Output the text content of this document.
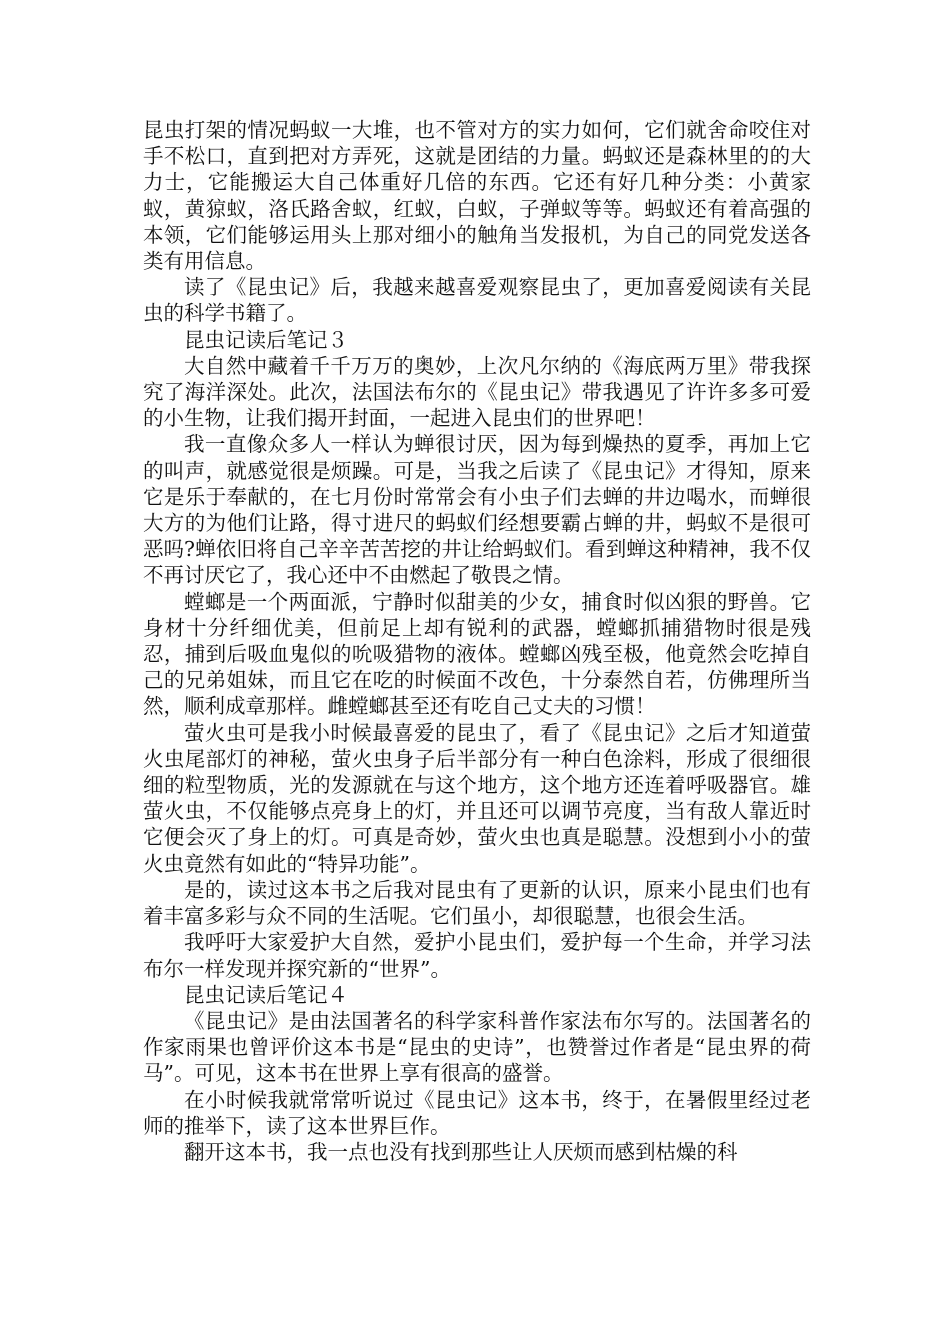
昆虫打架的情况蚂蚁一大堆，也不管对方的实力如何，它们就舍命咬住对手不松口，直到把对方弄死，这就是团结的力量。蚂蚁还是森林里的的大力士，它能搬运大自己体重好几倍的东西。它还有好几种分类：小黄家蚁，黄猄蚁，洛氏路舍蚁，红蚁，白蚁，子弹蚁等等。蚂蚁还有着高强的本领，它们能够运用头上那对细小的触角当发报机，为自己的同党发送各类有用信息。

读了《昆虫记》后，我越来越喜爱观察昆虫了，更加喜爱阅读有关昆虫的科学书籍了。

昆虫记读后笔记３

大自然中藏着千千万万的奥妙，上次凡尔纳的《海底两万里》带我探究了海洋深处。此次，法国法布尔的《昆虫记》带我遇见了许许多多可爱的小生物，让我们揭开封面，一起进入昆虫们的世界吧！

我一直像众多人一样认为蝉很讨厌，因为每到燥热的夏季，再加上它的叫声，就感觉很是烦躁。可是，当我之后读了《昆虫记》才得知，原来它是乐于奉献的，在七月份时常常会有小虫子们去蝉的井边喝水，而蝉很大方的为他们让路，得寸进尺的蚂蚁们经想要霸占蝉的井，蚂蚁不是很可恶吗?蝉依旧将自己辛辛苦苦挖的井让给蚂蚁们。看到蝉这种精神，我不仅不再讨厌它了，我心还中不由燃起了敬畏之情。

螳螂是一个两面派，宁静时似甜美的少女，捕食时似凶狠的野兽。它身材十分纤细优美，但前足上却有锐利的武器，螳螂抓捕猎物时很是残忍，捕到后吸血鬼似的吮吸猎物的液体。螳螂凶残至极，他竟然会吃掉自己的兄弟姐妹，而且它在吃的时候面不改色，十分泰然自若，仿佛理所当然，顺利成章那样。雌螳螂甚至还有吃自己丈夫的习惯！

萤火虫可是我小时候最喜爱的昆虫了，看了《昆虫记》之后才知道萤火虫尾部灯的神秘，萤火虫身子后半部分有一种白色涂料，形成了很细很细的粒型物质，光的发源就在与这个地方，这个地方还连着呼吸器官。雄萤火虫，不仅能够点亮身上的灯，并且还可以调节亮度，当有敌人靠近时它便会灭了身上的灯。可真是奇妙，萤火虫也真是聪慧。没想到小小的萤火虫竟然有如此的“特异功能”。

是的，读过这本书之后我对昆虫有了更新的认识，原来小昆虫们也有着丰富多彩与众不同的生活呢。它们虽小，却很聪慧，也很会生活。

我呼吁大家爱护大自然，爱护小昆虫们，爱护每一个生命，并学习法布尔一样发现并探究新的“世界”。

昆虫记读后笔记４

《昆虫记》是由法国著名的科学家科普作家法布尔写的。法国著名的作家雨果也曾评价这本书是“昆虫的史诗”，也赞誉过作者是“昆虫界的荷马”。可见，这本书在世界上享有很高的盛誉。

在小时候我就常常听说过《昆虫记》这本书，终于，在暑假里经过老师的推举下，读了这本世界巨作。

翻开这本书，我一点也没有找到那些让人厌烦而感到枯燥的科
